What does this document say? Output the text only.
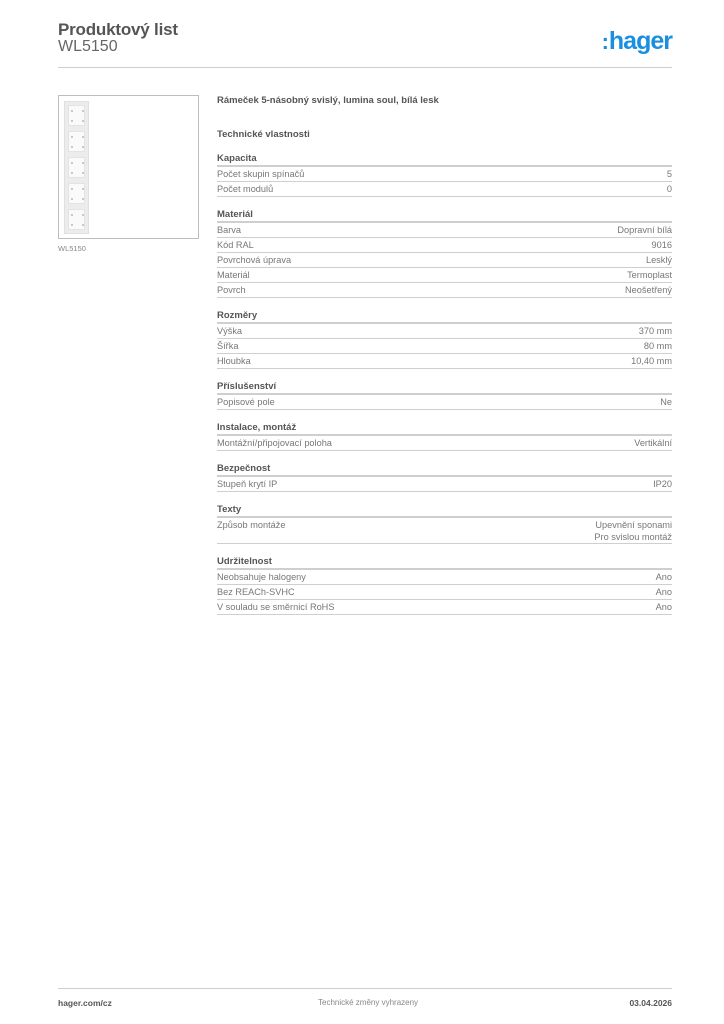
Produktový list
WL5150	:hager
WL5150
Rámeček 5-násobný svislý, lumina soul, bílá lesk
Technické vlastnosti
Kapacita
Počet skupin spínačů	5
Počet modulů	0
Materiál
Barva	Dopravní bílá
Kód RAL	9016
Povrchová úprava	Lesklý
Materiál	Termoplast
Povrch	Neošetřený
Rozměry
Výška	370 mm
Šířka	80 mm
Hloubka	10,40 mm
Příslušenství
Popisové pole	Ne
Instalace, montáž
Montážní/připojovací poloha	Vertikální
Bezpečnost
Stupeň krytí IP	IP20
Texty
Způsob montáže	Upevnění sponami
Pro svislou montáž
Udržitelnost
Neobsahuje halogeny	Ano
Bez REACh-SVHC	Ano
V souladu se směrnicí RoHS	Ano
hager.com/cz	Technické změny vyhrazeny	03.04.2026
